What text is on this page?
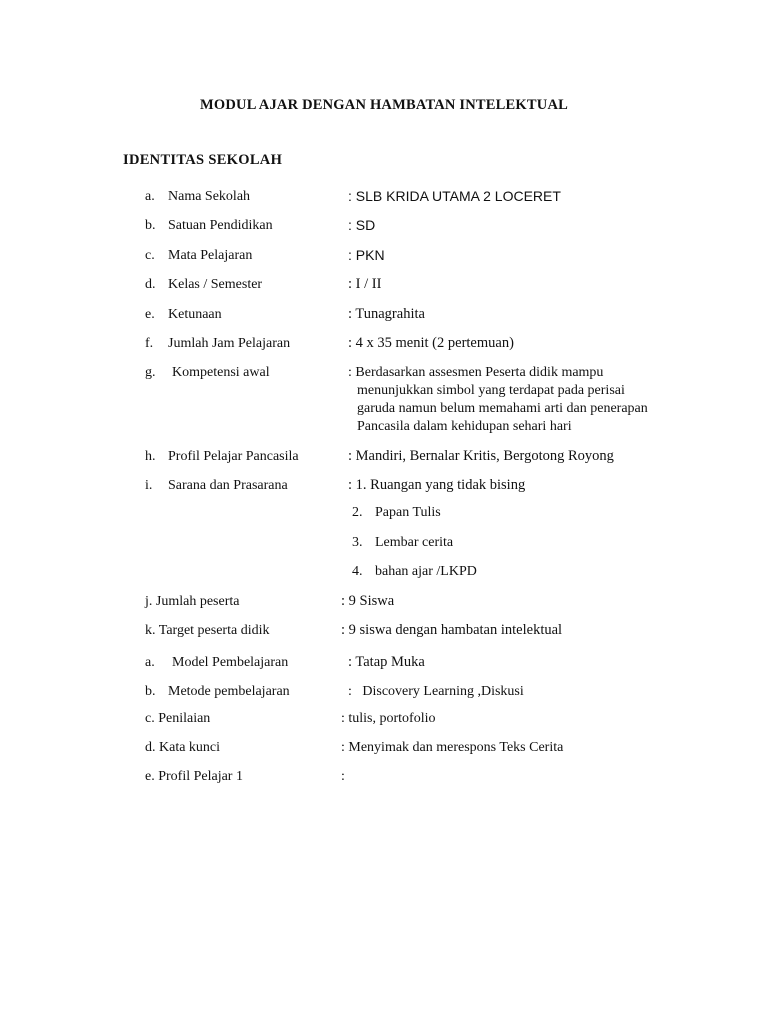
MODUL AJAR DENGAN HAMBATAN INTELEKTUAL
IDENTITAS SEKOLAH
a. Nama Sekolah	: SLB KRIDA UTAMA 2 LOCERET
b. Satuan Pendidikan	: SD
c. Mata Pelajaran	: PKN
d. Kelas / Semester	: I / II
e. Ketunaan	: Tunagrahita
f. Jumlah Jam Pelajaran	: 4 x 35 menit (2 pertemuan)
g. Kompetensi awal	: Berdasarkan assesmen Peserta didik mampu
menunjukkan simbol yang terdapat pada perisai
garuda namun belum memahami arti dan penerapan
Pancasila dalam kehidupan sehari hari
h. Profil Pelajar Pancasila	: Mandiri, Bernalar Kritis, Bergotong Royong
i. Sarana dan Prasarana	: 1. Ruangan yang tidak bising
2. Papan Tulis
3. Lembar cerita
4. bahan ajar /LKPD
j. Jumlah peserta	: 9 Siswa
k. Target peserta didik	: 9 siswa dengan hambatan intelektual
a. Model Pembelajaran	: Tatap Muka
b. Metode pembelajaran	:   Discovery Learning ,Diskusi
c. Penilaian	: tulis, portofolio
d. Kata kunci	: Menyimak dan merespons Teks Cerita
e. Profil Pelajar 1	:
